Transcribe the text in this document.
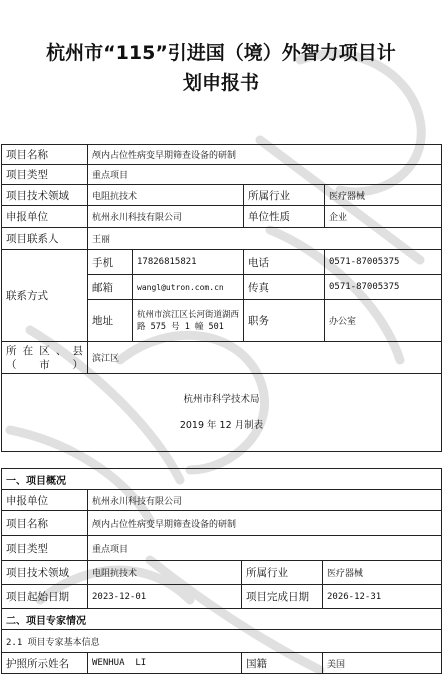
杭州市“115”引进国（境）外智力项目计
划申报书
项目名称	颅内占位性病变早期筛查设备的研制			
项目类型	重点项目			
项目技术领域	电阻抗技术		所属行业	医疗器械
申报单位	杭州永川科技有限公司		单位性质	企业
项目联系人	王丽			
联系方式	手机	17826815821	电话	0571-87005375
	邮箱	wangl@utron.com.cn	传真	0571-87005375
	地址	杭州市滨江区长河街道湖西路 575 号 1 幢 501	职务	办公室
所在区、县（市）	滨江区			

杭州市科学技术局
2019 年 12 月制表				
一、项目概况			
申报单位	杭州永川科技有限公司		
项目名称	颅内占位性病变早期筛查设备的研制		
项目类型	重点项目		
项目技术领域	电阻抗技术	所属行业	医疗器械
项目起始日期	2023-12-01	项目完成日期	2026-12-31
二、项目专家情况			
2.1 项目专家基本信息			
护照所示姓名	WENHUA  LI	国籍	美国
